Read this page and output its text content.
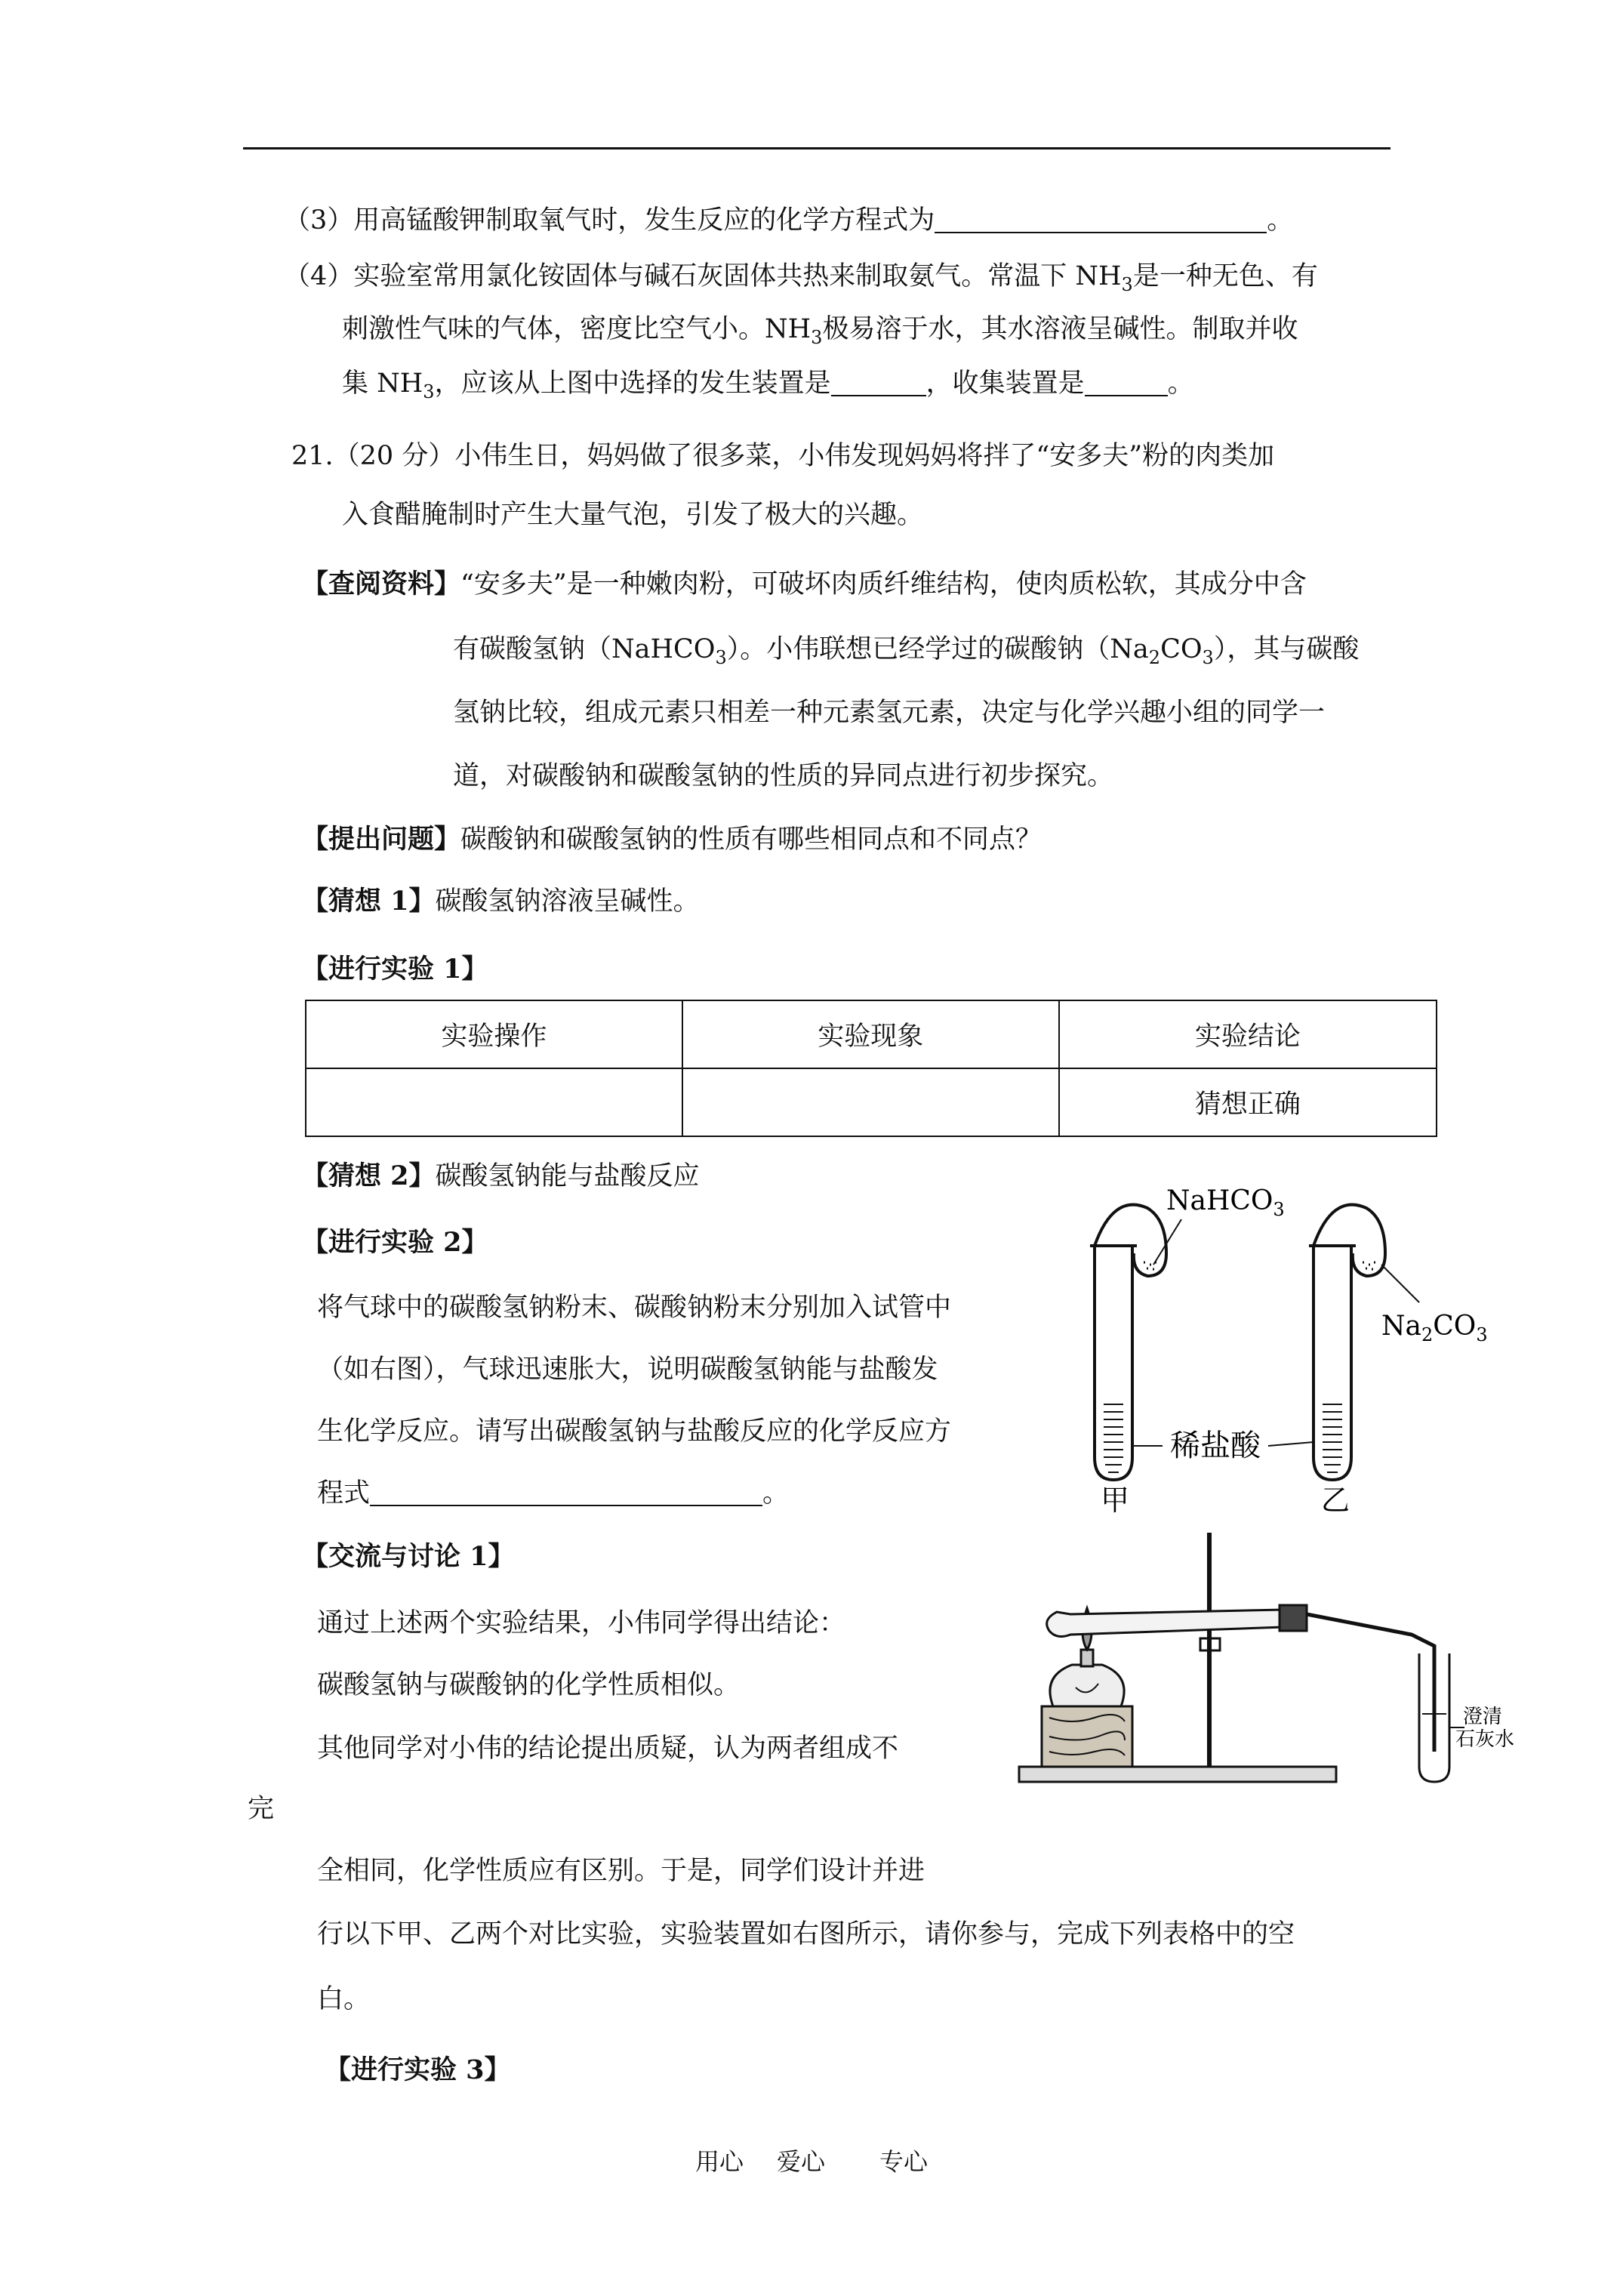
（3）用高锰酸钾制取氧气时，发生反应的化学方程式为	。
（4）实验室常用氯化铵固体与碱石灰固体共热来制取氨气。常温下 $NH_3$是一种无色、有
刺激性气味的气体，密度比空气小。$NH_3$极易溶于水，其水溶液呈碱性。制取并收
集 $NH_3$，应该从上图中选择的发生装置是	，收集装置是	。
21.（20 分）小伟生日，妈妈做了很多菜，小伟发现妈妈将拌了“安多夫”粉的肉类加
入食醋腌制时产生大量气泡，引发了极大的兴趣。
【查阅资料】“安多夫”是一种嫩肉粉，可破坏肉质纤维结构，使肉质松软，其成分中含
有碳酸氢钠（NaHCO$_3$）。小伟联想已经学过的碳酸钠$(Na_2CO_3)$，其与碳酸
氢钠比较，组成元素只相差一种元素氢元素，决定与化学兴趣小组的同学一
道，对碳酸钠和碳酸氢钠的性质的异同点进行初步探究。
【提出问题】碳酸钠和碳酸氢钠的性质有哪些相同点和不同点？
【猜想 1】碳酸氢钠溶液呈碱性。
【进行实验 1】
实验操作	实验现象	实验结论
		猜想正确
【猜想 2】碳酸氢钠能与盐酸反应
【进行实验 2】
将气球中的碳酸氢钠粉末、碳酸钠粉末分别加入试管中
（如右图），气球迅速胀大，说明碳酸氢钠能与盐酸发
生化学反应。请写出碳酸氢钠与盐酸反应的化学反应方
程式	。
NaHCO$_3$
$Na_2CO_3$
稀盐酸
甲	乙
【交流与讨论 1】
通过上述两个实验结果，小伟同学得出结论：
碳酸氢钠与碳酸钠的化学性质相似。
其他同学对小伟的结论提出质疑，认为两者组成不
完
全相同，化学性质应有区别。于是，同学们设计并进
行以下甲、乙两个对比实验，实验装置如右图所示，请你参与，完成下列表格中的空
白。
澄清
石灰水
【进行实验 3】
用心 爱心 专心
